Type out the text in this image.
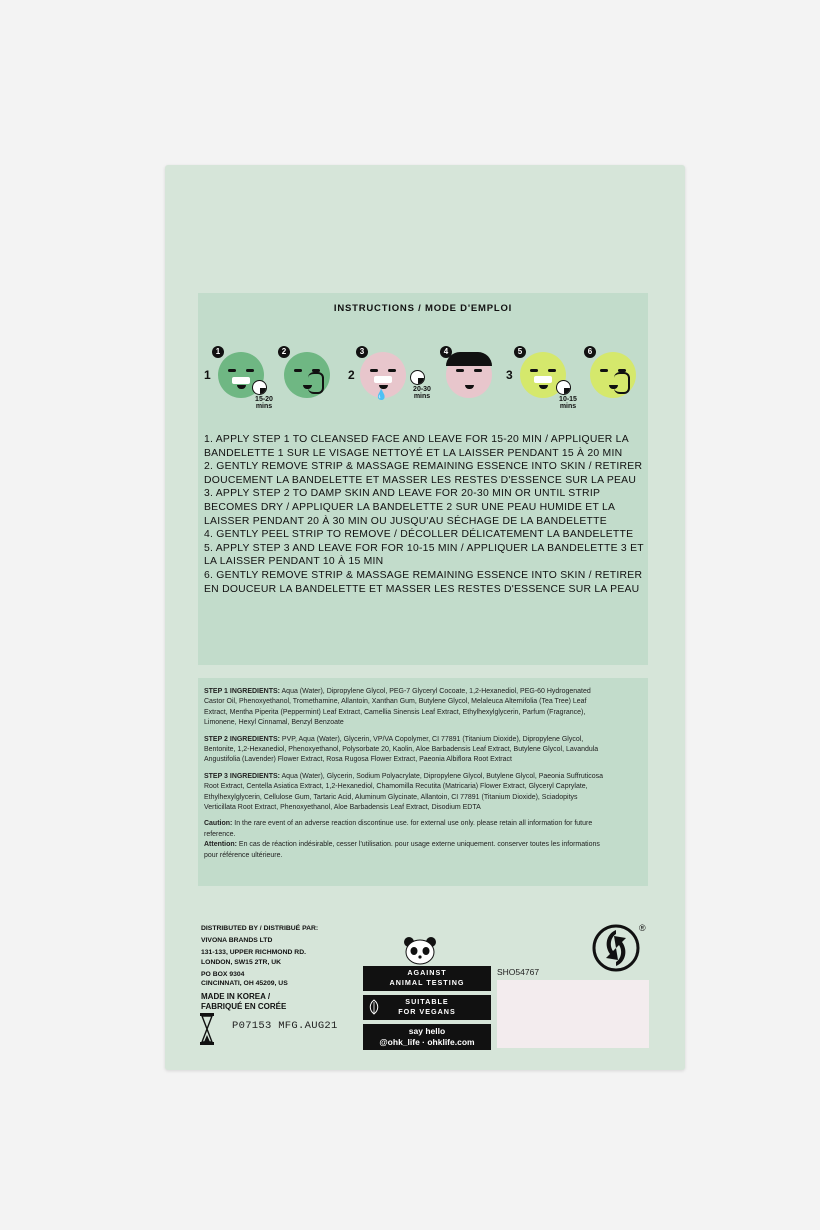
INSTRUCTIONS / MODE D'EMPLOI
1
1
15-20
mins
2
2
3
💧
20-30
mins
4
3
5
10-15
mins
6

1. APPLY STEP 1 TO CLEANSED FACE AND LEAVE FOR 15-20 MIN / APPLIQUER LA BANDELETTE 1 SUR LE VISAGE NETTOYÉ ET LA LAISSER PENDANT 15 À 20 MIN

2. GENTLY REMOVE STRIP & MASSAGE REMAINING ESSENCE INTO SKIN / RETIRER DOUCEMENT LA BANDELETTE ET MASSER LES RESTES D'ESSENCE SUR LA PEAU

3. APPLY STEP 2 TO DAMP SKIN AND LEAVE FOR 20-30 MIN OR UNTIL STRIP BECOMES DRY / APPLIQUER LA BANDELETTE 2 SUR UNE PEAU HUMIDE ET LA LAISSER PENDANT 20 À 30 MIN OU JUSQU'AU SÉCHAGE DE LA BANDELETTE

4. GENTLY PEEL STRIP TO REMOVE / DÉCOLLER DÉLICATEMENT LA BANDELETTE

5. APPLY STEP 3 AND LEAVE FOR FOR 10-15 MIN / APPLIQUER LA BANDELETTE 3 ET LA LAISSER PENDANT 10 À 15 MIN

6. GENTLY REMOVE STRIP & MASSAGE REMAINING ESSENCE INTO SKIN / RETIRER EN DOUCEUR LA BANDELETTE ET MASSER LES RESTES D'ESSENCE SUR LA PEAU

STEP 1 INGREDIENTS: Aqua (Water), Dipropylene Glycol, PEG-7 Glyceryl Cocoate, 1,2-Hexanediol, PEG-60 Hydrogenated Castor Oil, Phenoxyethanol, Tromethamine, Allantoin, Xanthan Gum, Butylene Glycol, Melaleuca Alternifolia (Tea Tree) Leaf Extract, Mentha Piperita (Peppermint) Leaf Extract, Camellia Sinensis Leaf Extract, Ethylhexylglycerin, Parfum (Fragrance), Limonene, Hexyl Cinnamal, Benzyl Benzoate

STEP 2 INGREDIENTS: PVP, Aqua (Water), Glycerin, VP/VA Copolymer, CI 77891 (Titanium Dioxide), Dipropylene Glycol, Bentonite, 1,2-Hexanediol, Phenoxyethanol, Polysorbate 20, Kaolin, Aloe Barbadensis Leaf Extract, Butylene Glycol, Lavandula Angustifolia (Lavender) Flower Extract, Rosa Rugosa Flower Extract, Paeonia Albiflora Root Extract

STEP 3 INGREDIENTS: Aqua (Water), Glycerin, Sodium Polyacrylate, Dipropylene Glycol, Butylene Glycol, Paeonia Suffruticosa Root Extract, Centella Asiatica Extract, 1,2-Hexanediol, Chamomilla Recutita (Matricaria) Flower Extract, Glyceryl Caprylate, Ethylhexylglycerin, Cellulose Gum, Tartaric Acid, Aluminum Glycinate, Allantoin, CI 77891 (Titanium Dioxide), Sciadopitys Verticillata Root Extract, Phenoxyethanol, Aloe Barbadensis Leaf Extract, Disodium EDTA

Caution: In the rare event of an adverse reaction discontinue use. for external use only. please retain all information for future reference.
Attention: En cas de réaction indésirable, cesser l'utilisation. pour usage externe uniquement. conserver toutes les informations pour référence ultérieure.

DISTRIBUTED BY / DISTRIBUÉ PAR:
VIVONA BRANDS LTD
131-133, UPPER RICHMOND RD.
LONDON, SW15 2TR, UK
PO BOX 9304
CINCINNATI, OH 45209, US
MADE IN KOREA /
FABRIQUÉ EN CORÉE
P07153 MFG.AUG21
AGAINST
ANIMAL TESTING
SUITABLE
FOR VEGANS
say hello
@ohk_life · ohklife.com
SHO54767
®
